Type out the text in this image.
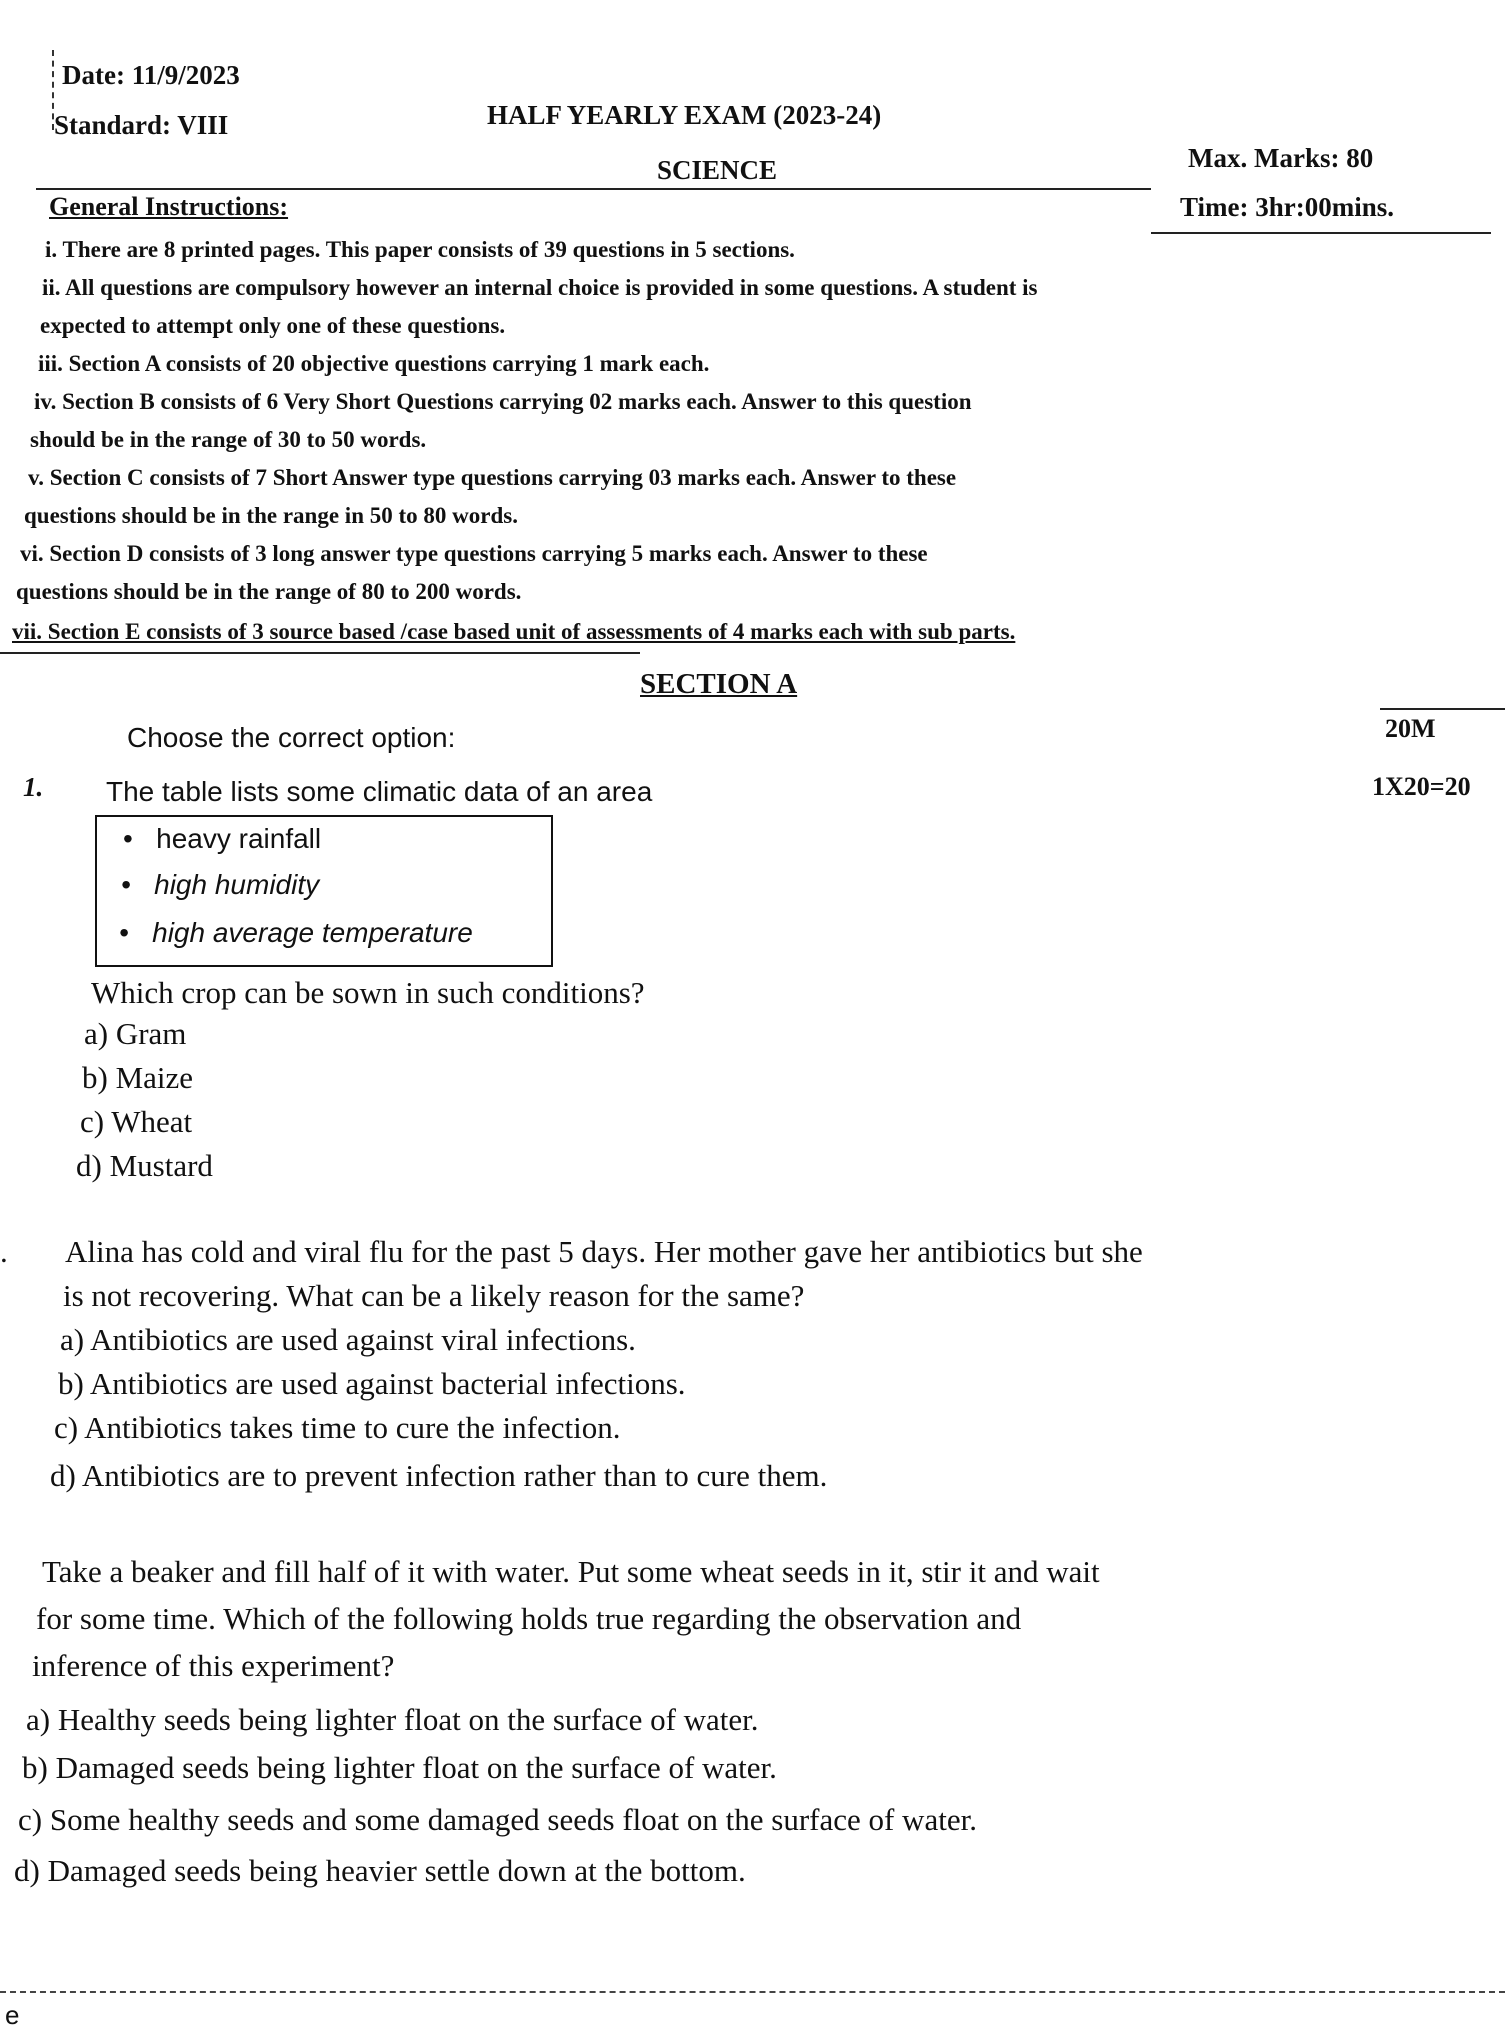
Date: 11/9/2023
Standard: VIII	HALF YEARLY EXAM (2023-24)
SCIENCE	Max. Marks: 80
Time: 3hr:00mins.
General Instructions:
i. There are 8 printed pages. This paper consists of 39 questions in 5 sections.
ii. All questions are compulsory however an internal choice is provided in some questions. A student is
expected to attempt only one of these questions.
iii. Section A consists of 20 objective questions carrying 1 mark each.
iv. Section B consists of 6 Very Short Questions carrying 02 marks each. Answer to this question
should be in the range of 30 to 50 words.
v. Section C consists of 7 Short Answer type questions carrying 03 marks each. Answer to these
questions should be in the range in 50 to 80 words.
vi. Section D consists of 3 long answer type questions carrying 5 marks each. Answer to these
questions should be in the range of 80 to 200 words.
vii. Section E consists of 3 source based /case based unit of assessments of 4 marks each with sub parts.
SECTION A
Choose the correct option:	20M
1X20=20
1. The table lists some climatic data of an area
•   heavy rainfall
•   high humidity
•   high average temperature
Which crop can be sown in such conditions?
a) Gram
b) Maize
c) Wheat
d) Mustard
. Alina has cold and viral flu for the past 5 days. Her mother gave her antibiotics but she
is not recovering. What can be a likely reason for the same?
a) Antibiotics are used against viral infections.
b) Antibiotics are used against bacterial infections.
c) Antibiotics takes time to cure the infection.
d) Antibiotics are to prevent infection rather than to cure them.
Take a beaker and fill half of it with water. Put some wheat seeds in it, stir it and wait
for some time. Which of the following holds true regarding the observation and
inference of this experiment?
a) Healthy seeds being lighter float on the surface of water.
b) Damaged seeds being lighter float on the surface of water.
c) Some healthy seeds and some damaged seeds float on the surface of water.
d) Damaged seeds being heavier settle down at the bottom.
e
